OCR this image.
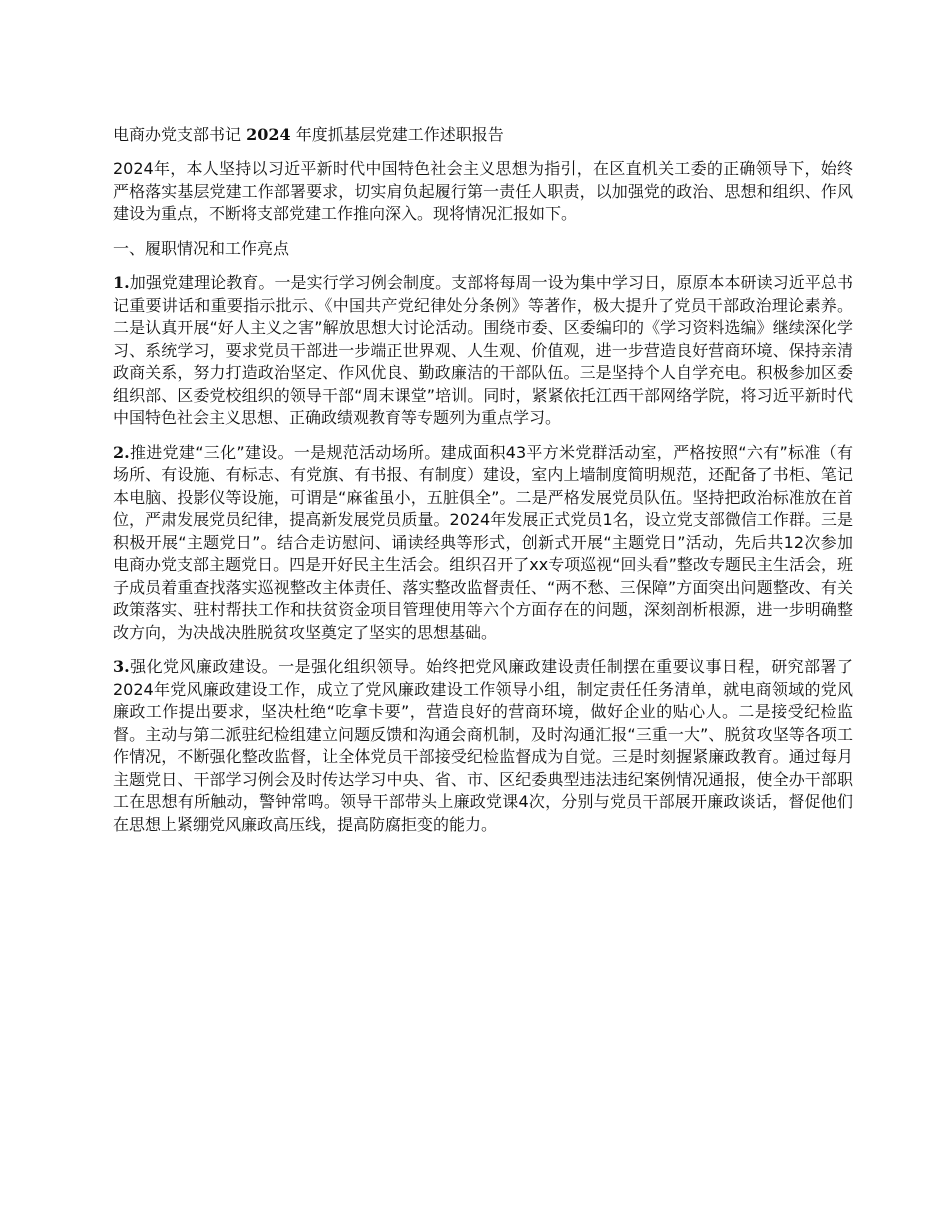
电商办党支部书记 2024 年度抓基层党建工作述职报告

2024年，本人坚持以习近平新时代中国特色社会主义思想为指引，在区直机关工委的正确领导下，始终严格落实基层党建工作部署要求，切实肩负起履行第一责任人职责，以加强党的政治、思想和组织、作风建设为重点，不断将支部党建工作推向深入。现将情况汇报如下。

一、履职情况和工作亮点

1.加强党建理论教育。一是实行学习例会制度。支部将每周一设为集中学习日，原原本本研读习近平总书记重要讲话和重要指示批示、《中国共产党纪律处分条例》等著作，极大提升了党员干部政治理论素养。二是认真开展“好人主义之害”解放思想大讨论活动。围绕市委、区委编印的《学习资料选编》继续深化学习、系统学习，要求党员干部进一步端正世界观、人生观、价值观，进一步营造良好营商环境、保持亲清政商关系，努力打造政治坚定、作风优良、勤政廉洁的干部队伍。三是坚持个人自学充电。积极参加区委组织部、区委党校组织的领导干部“周末课堂”培训。同时，紧紧依托江西干部网络学院，将习近平新时代中国特色社会主义思想、正确政绩观教育等专题列为重点学习。

2.推进党建“三化”建设。一是规范活动场所。建成面积43平方米党群活动室，严格按照“六有”标准（有场所、有设施、有标志、有党旗、有书报、有制度）建设，室内上墙制度简明规范，还配备了书柜、笔记本电脑、投影仪等设施，可谓是“麻雀虽小，五脏俱全”。二是严格发展党员队伍。坚持把政治标准放在首位，严肃发展党员纪律，提高新发展党员质量。2024年发展正式党员1名，设立党支部微信工作群。三是积极开展“主题党日”。结合走访慰问、诵读经典等形式，创新式开展“主题党日”活动，先后共12次参加电商办党支部主题党日。四是开好民主生活会。组织召开了xx专项巡视“回头看”整改专题民主生活会，班子成员着重查找落实巡视整改主体责任、落实整改监督责任、“两不愁、三保障”方面突出问题整改、有关政策落实、驻村帮扶工作和扶贫资金项目管理使用等六个方面存在的问题，深刻剖析根源，进一步明确整改方向，为决战决胜脱贫攻坚奠定了坚实的思想基础。

3.强化党风廉政建设。一是强化组织领导。始终把党风廉政建设责任制摆在重要议事日程，研究部署了2024年党风廉政建设工作，成立了党风廉政建设工作领导小组，制定责任任务清单，就电商领域的党风廉政工作提出要求，坚决杜绝“吃拿卡要”，营造良好的营商环境，做好企业的贴心人。二是接受纪检监督。主动与第二派驻纪检组建立问题反馈和沟通会商机制，及时沟通汇报“三重一大”、脱贫攻坚等各项工作情况，不断强化整改监督，让全体党员干部接受纪检监督成为自觉。三是时刻握紧廉政教育。通过每月主题党日、干部学习例会及时传达学习中央、省、市、区纪委典型违法违纪案例情况通报，使全办干部职工在思想有所触动，警钟常鸣。领导干部带头上廉政党课4次，分别与党员干部展开廉政谈话，督促他们在思想上紧绷党风廉政高压线，提高防腐拒变的能力。
